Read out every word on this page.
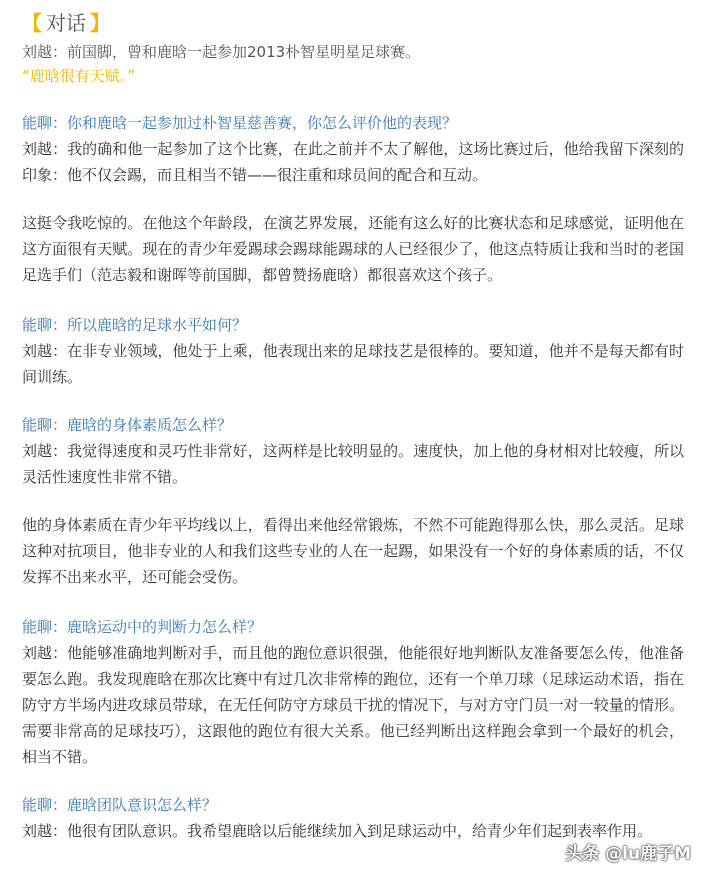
【 对话 】

刘越：前国脚，曾和鹿晗一起参加2013朴智星明星足球赛。

“鹿晗很有天赋。”

能聊：你和鹿晗一起参加过朴智星慈善赛，你怎么评价他的表现？

刘越：我的确和他一起参加了这个比赛，在此之前并不太了解他，这场比赛过后，他给我留下深刻的印象：他不仅会踢，而且相当不错——很注重和球员间的配合和互动。

这挺令我吃惊的。在他这个年龄段，在演艺界发展，还能有这么好的比赛状态和足球感觉，证明他在这方面很有天赋。现在的青少年爱踢球会踢球能踢球的人已经很少了，他这点特质让我和当时的老国足选手们（范志毅和谢晖等前国脚，都曾赞扬鹿晗）都很喜欢这个孩子。

能聊：所以鹿晗的足球水平如何？

刘越：在非专业领域，他处于上乘，他表现出来的足球技艺是很棒的。要知道，他并不是每天都有时间训练。

能聊：鹿晗的身体素质怎么样？

刘越：我觉得速度和灵巧性非常好，这两样是比较明显的。速度快，加上他的身材相对比较瘦，所以灵活性速度性非常不错。

他的身体素质在青少年平均线以上，看得出来他经常锻炼，不然不可能跑得那么快，那么灵活。足球这种对抗项目，他非专业的人和我们这些专业的人在一起踢，如果没有一个好的身体素质的话，不仅发挥不出来水平，还可能会受伤。

能聊：鹿晗运动中的判断力怎么样？

刘越：他能够准确地判断对手，而且他的跑位意识很强，他能很好地判断队友准备要怎么传，他准备要怎么跑。我发现鹿晗在那次比赛中有过几次非常棒的跑位，还有一个单刀球（足球运动术语，指在防守方半场内进攻球员带球，在无任何防守方球员干扰的情况下，与对方守门员一对一较量的情形。需要非常高的足球技巧），这跟他的跑位有很大关系。他已经判断出这样跑会拿到一个最好的机会，相当不错。

能聊：鹿晗团队意识怎么样？

刘越：他很有团队意识。我希望鹿晗以后能继续加入到足球运动中，给青少年们起到表率作用。

头条 @lu鹿子M
